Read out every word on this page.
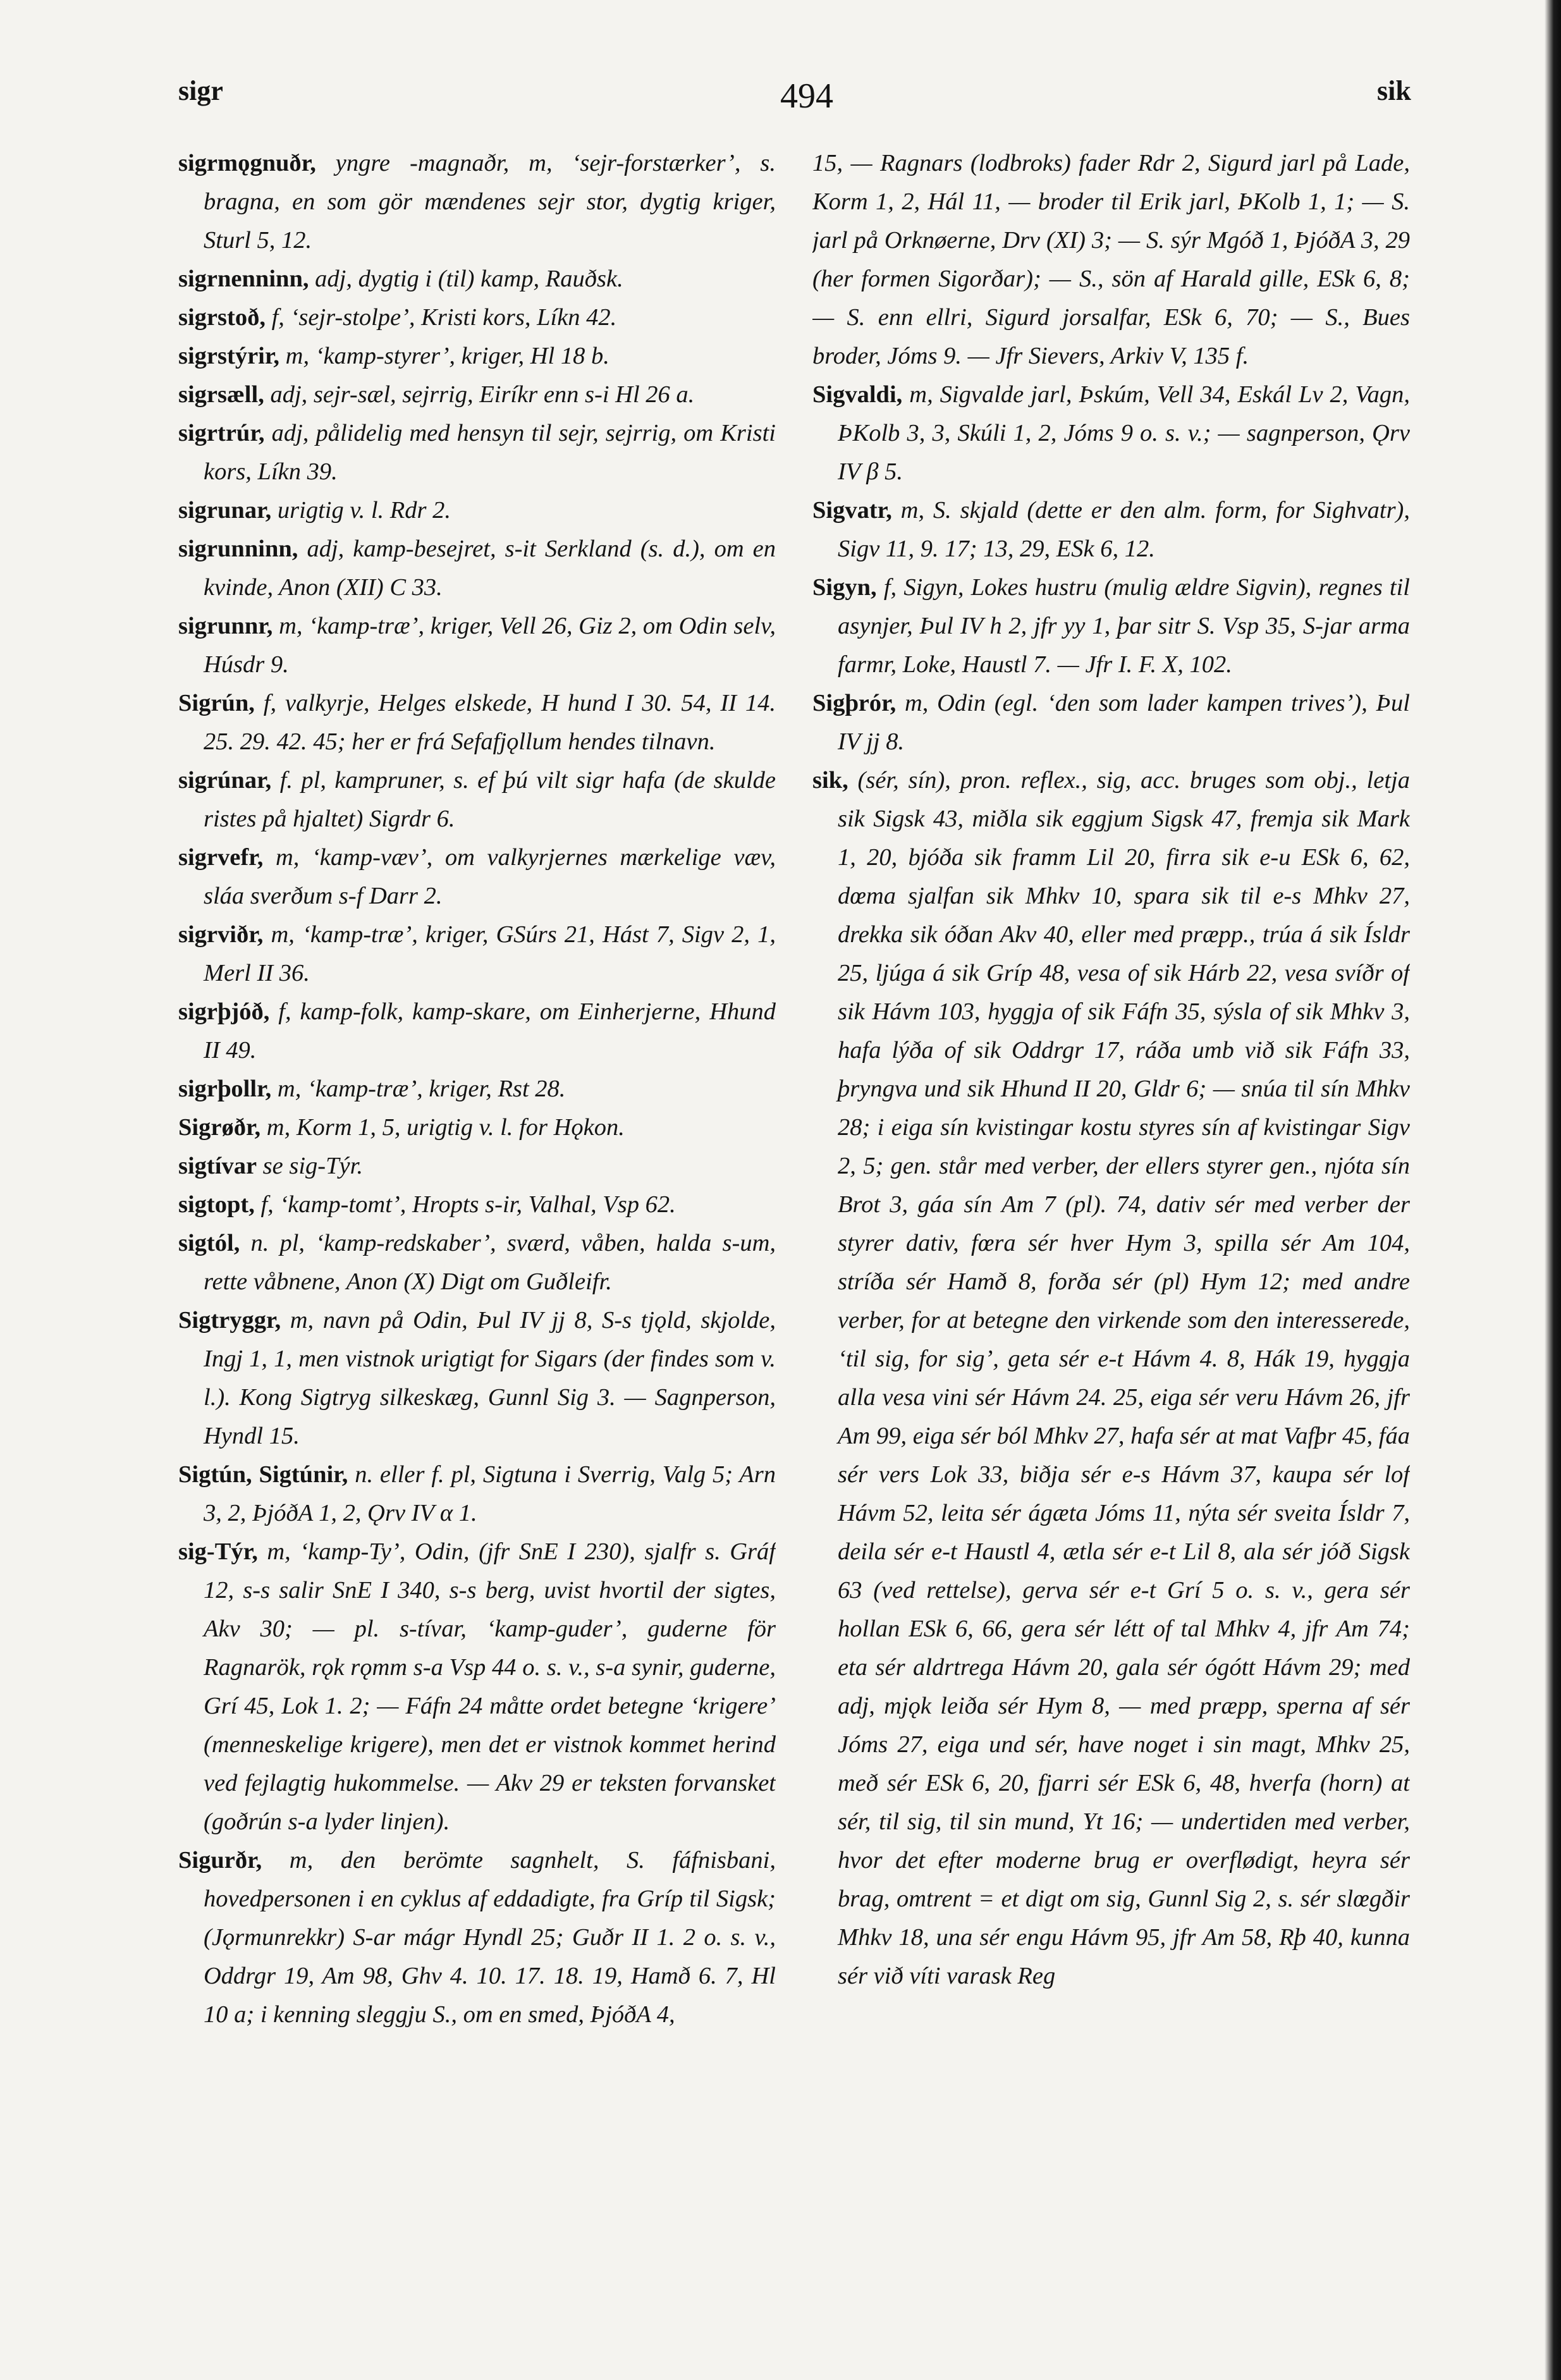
sigr	494	sik

sigrmǫgnuðr, yngre -magnaðr, m, ‘sejr-forstærker’, s. bragna, en som gör mændenes sejr stor, dygtig kriger, Sturl 5, 12.

sigrnenninn, adj, dygtig i (til) kamp, Rauðsk.

sigrstoð, f, ‘sejr-stolpe’, Kristi kors, Líkn 42.

sigrstýrir, m, ‘kamp-styrer’, kriger, Hl 18 b.

sigrsæll, adj, sejr-sæl, sejrrig, Eiríkr enn s-i Hl 26 a.

sigrtrúr, adj, pålidelig med hensyn til sejr, sejrrig, om Kristi kors, Líkn 39.

sigrunar, urigtig v. l. Rdr 2.

sigrunninn, adj, kamp-besejret, s-it Serkland (s. d.), om en kvinde, Anon (XII) C 33.

sigrunnr, m, ‘kamp-træ’, kriger, Vell 26, Giz 2, om Odin selv, Húsdr 9.

Sigrún, f, valkyrje, Helges elskede, H hund I 30. 54, II 14. 25. 29. 42. 45; her er frá Sefafjǫllum hendes tilnavn.

sigrúnar, f. pl, kampruner, s. ef þú vilt sigr hafa (de skulde ristes på hjaltet) Sigrdr 6.

sigrvefr, m, ‘kamp-væv’, om valkyrjernes mærkelige væv, sláa sverðum s-f Darr 2.

sigrviðr, m, ‘kamp-træ’, kriger, GSúrs 21, Hást 7, Sigv 2, 1, Merl II 36.

sigrþjóð, f, kamp-folk, kamp-skare, om Einherjerne, Hhund II 49.

sigrþollr, m, ‘kamp-træ’, kriger, Rst 28.

Sigrøðr, m, Korm 1, 5, urigtig v. l. for Hǫkon.

sigtívar se sig-Týr.

sigtopt, f, ‘kamp-tomt’, Hropts s-ir, Valhal, Vsp 62.

sigtól, n. pl, ‘kamp-redskaber’, sværd, våben, halda s-um, rette våbnene, Anon (X) Digt om Guðleifr.

Sigtryggr, m, navn på Odin, Þul IV jj 8, S-s tjǫld, skjolde, Ingj 1, 1, men vistnok urigtigt for Sigars (der findes som v. l.). Kong Sigtryg silkeskæg, Gunnl Sig 3. — Sagnperson, Hyndl 15.

Sigtún, Sigtúnir, n. eller f. pl, Sigtuna i Sverrig, Valg 5; Arn 3, 2, ÞjóðA 1, 2, Ǫrv IV α 1.

sig-Týr, m, ‘kamp-Ty’, Odin, (jfr SnE I 230), sjalfr s. Gráf 12, s-s salir SnE I 340, s-s berg, uvist hvortil der sigtes, Akv 30; — pl. s-tívar, ‘kamp-guder’, guderne för Ragnarök, rǫk rǫmm s-a Vsp 44 o. s. v., s-a synir, guderne, Grí 45, Lok 1. 2; — Fáfn 24 måtte ordet betegne ‘krigere’ (menneskelige krigere), men det er vistnok kommet herind ved fejlagtig hukommelse. — Akv 29 er teksten forvansket (goðrún s-a lyder linjen).

Sigurðr, m, den berömte sagnhelt, S. fáfnisbani, hovedpersonen i en cyklus af eddadigte, fra Gríp til Sigsk; (Jǫrmunrekkr) S-ar mágr Hyndl 25; Guðr II 1. 2 o. s. v., Oddrgr 19, Am 98, Ghv 4. 10. 17. 18. 19, Hamð 6. 7, Hl 10 a; i kenning sleggju S., om en smed, ÞjóðA 4,

15, — Ragnars (lodbroks) fader Rdr 2, Sigurd jarl på Lade, Korm 1, 2, Hál 11, — broder til Erik jarl, ÞKolb 1, 1; — S. jarl på Orknøerne, Drv (XI) 3; — S. sýr Mgóð 1, ÞjóðA 3, 29 (her formen Sigorðar); — S., sön af Harald gille, ESk 6, 8; — S. enn ellri, Sigurd jorsalfar, ESk 6, 70; — S., Bues broder, Jóms 9. — Jfr Sievers, Arkiv V, 135 f.

Sigvaldi, m, Sigvalde jarl, Þskúm, Vell 34, Eskál Lv 2, Vagn, ÞKolb 3, 3, Skúli 1, 2, Jóms 9 o. s. v.; — sagnperson, Ǫrv IV β 5.

Sigvatr, m, S. skjald (dette er den alm. form, for Sighvatr), Sigv 11, 9. 17; 13, 29, ESk 6, 12.

Sigyn, f, Sigyn, Lokes hustru (mulig ældre Sigvin), regnes til asynjer, Þul IV h 2, jfr yy 1, þar sitr S. Vsp 35, S-jar arma farmr, Loke, Haustl 7. — Jfr I. F. X, 102.

Sigþrór, m, Odin (egl. ‘den som lader kampen trives’), Þul IV jj 8.

sik, (sér, sín), pron. reflex., sig, acc. bruges som obj., letja sik Sigsk 43, miðla sik eggjum Sigsk 47, fremja sik Mark 1, 20, bjóða sik framm Lil 20, firra sik e-u ESk 6, 62, dœma sjalfan sik Mhkv 10, spara sik til e-s Mhkv 27, drekka sik óðan Akv 40, eller med præpp., trúa á sik Ísldr 25, ljúga á sik Gríp 48, vesa of sik Hárb 22, vesa svíðr of sik Hávm 103, hyggja of sik Fáfn 35, sýsla of sik Mhkv 3, hafa lýða of sik Oddrgr 17, ráða umb við sik Fáfn 33, þryngva und sik Hhund II 20, Gldr 6; — snúa til sín Mhkv 28; i eiga sín kvistingar kostu styres sín af kvistingar Sigv 2, 5; gen. står med verber, der ellers styrer gen., njóta sín Brot 3, gáa sín Am 7 (pl). 74, dativ sér med verber der styrer dativ, fœra sér hver Hym 3, spilla sér Am 104, stríða sér Hamð 8, forða sér (pl) Hym 12; med andre verber, for at betegne den virkende som den interesserede, ‘til sig, for sig’, geta sér e-t Hávm 4. 8, Hák 19, hyggja alla vesa vini sér Hávm 24. 25, eiga sér veru Hávm 26, jfr Am 99, eiga sér ból Mhkv 27, hafa sér at mat Vafþr 45, fáa sér vers Lok 33, biðja sér e-s Hávm 37, kaupa sér lof Hávm 52, leita sér ágæta Jóms 11, nýta sér sveita Ísldr 7, deila sér e-t Haustl 4, ætla sér e-t Lil 8, ala sér jóð Sigsk 63 (ved rettelse), gerva sér e-t Grí 5 o. s. v., gera sér hollan ESk 6, 66, gera sér létt of tal Mhkv 4, jfr Am 74; eta sér aldrtrega Hávm 20, gala sér ógótt Hávm 29; med adj, mjǫk leiða sér Hym 8, — med præpp, sperna af sér Jóms 27, eiga und sér, have noget i sin magt, Mhkv 25, með sér ESk 6, 20, fjarri sér ESk 6, 48, hverfa (horn) at sér, til sig, til sin mund, Yt 16; — undertiden med verber, hvor det efter moderne brug er overflødigt, heyra sér brag, omtrent = et digt om sig, Gunnl Sig 2, s. sér slœgðir Mhkv 18, una sér engu Hávm 95, jfr Am 58, Rþ 40, kunna sér við víti varask Reg
